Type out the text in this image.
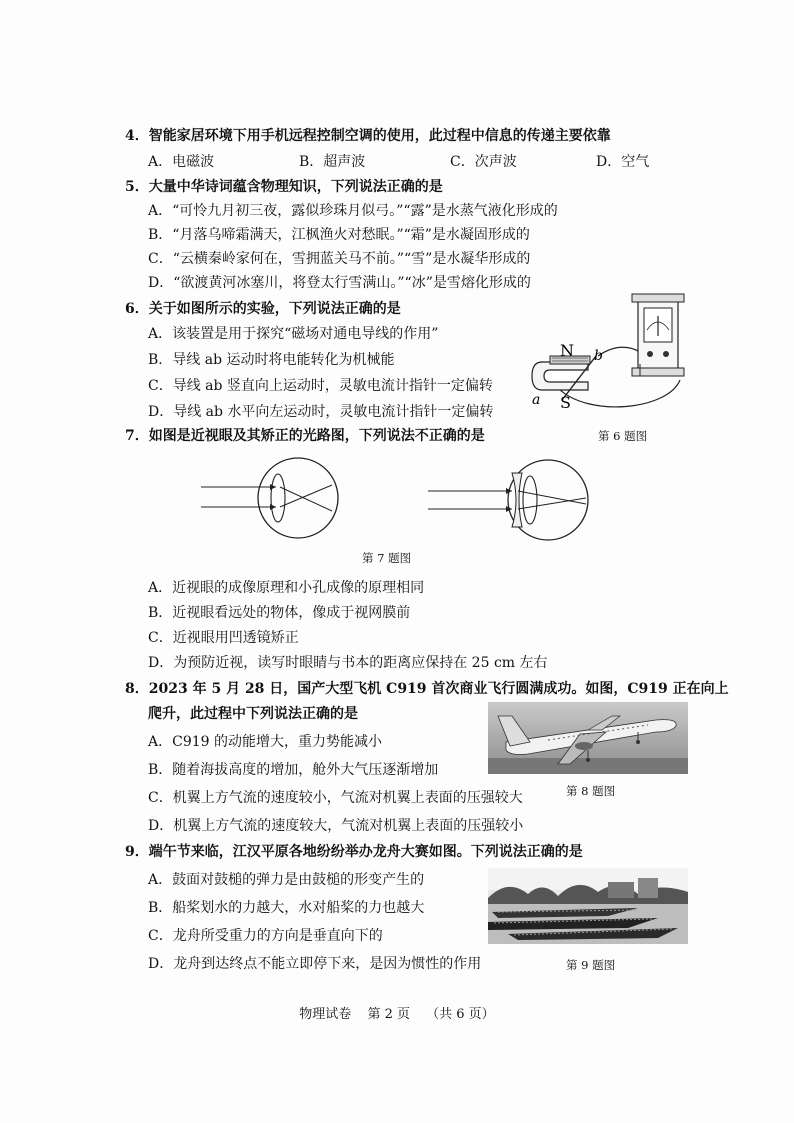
4．智能家居环境下用手机远程控制空调的使用，此过程中信息的传递主要依靠
A．电磁波	B．超声波	C．次声波	D．空气
5．大量中华诗词蕴含物理知识，下列说法正确的是
A．“可怜九月初三夜，露似珍珠月似弓。”“露”是水蒸气液化形成的
B．“月落乌啼霜满天，江枫渔火对愁眠。”“霜”是水凝固形成的
C．“云横秦岭家何在，雪拥蓝关马不前。”“雪”是水凝华形成的
D．“欲渡黄河冰塞川，将登太行雪满山。”“冰”是雪熔化形成的
6．关于如图所示的实验，下列说法正确的是
A．该装置是用于探究“磁场对通电导线的作用”
B．导线 ab 运动时将电能转化为机械能
C．导线 ab 竖直向上运动时，灵敏电流计指针一定偏转
D．导线 ab 水平向左运动时，灵敏电流计指针一定偏转
N
S
b
a
第 6 题图
7．如图是近视眼及其矫正的光路图，下列说法不正确的是
第 7 题图
A．近视眼的成像原理和小孔成像的原理相同
B．近视眼看远处的物体，像成于视网膜前
C．近视眼用凹透镜矫正
D．为预防近视，读写时眼睛与书本的距离应保持在 25 cm 左右
8．2023 年 5 月 28 日，国产大型飞机 C919 首次商业飞行圆满成功。如图，C919 正在向上
爬升，此过程中下列说法正确的是
A．C919 的动能增大，重力势能减小
B．随着海拔高度的增加，舱外大气压逐渐增加
C．机翼上方气流的速度较小，气流对机翼上表面的压强较大
D．机翼上方气流的速度较大，气流对机翼上表面的压强较小
第 8 题图
9．端午节来临，江汉平原各地纷纷举办龙舟大赛如图。下列说法正确的是
A．鼓面对鼓槌的弹力是由鼓槌的形变产生的
B．船桨划水的力越大，水对船桨的力也越大
C．龙舟所受重力的方向是垂直向下的
D．龙舟到达终点不能立即停下来，是因为惯性的作用	第 9 题图
物理试卷 第 2 页 （共 6 页）
